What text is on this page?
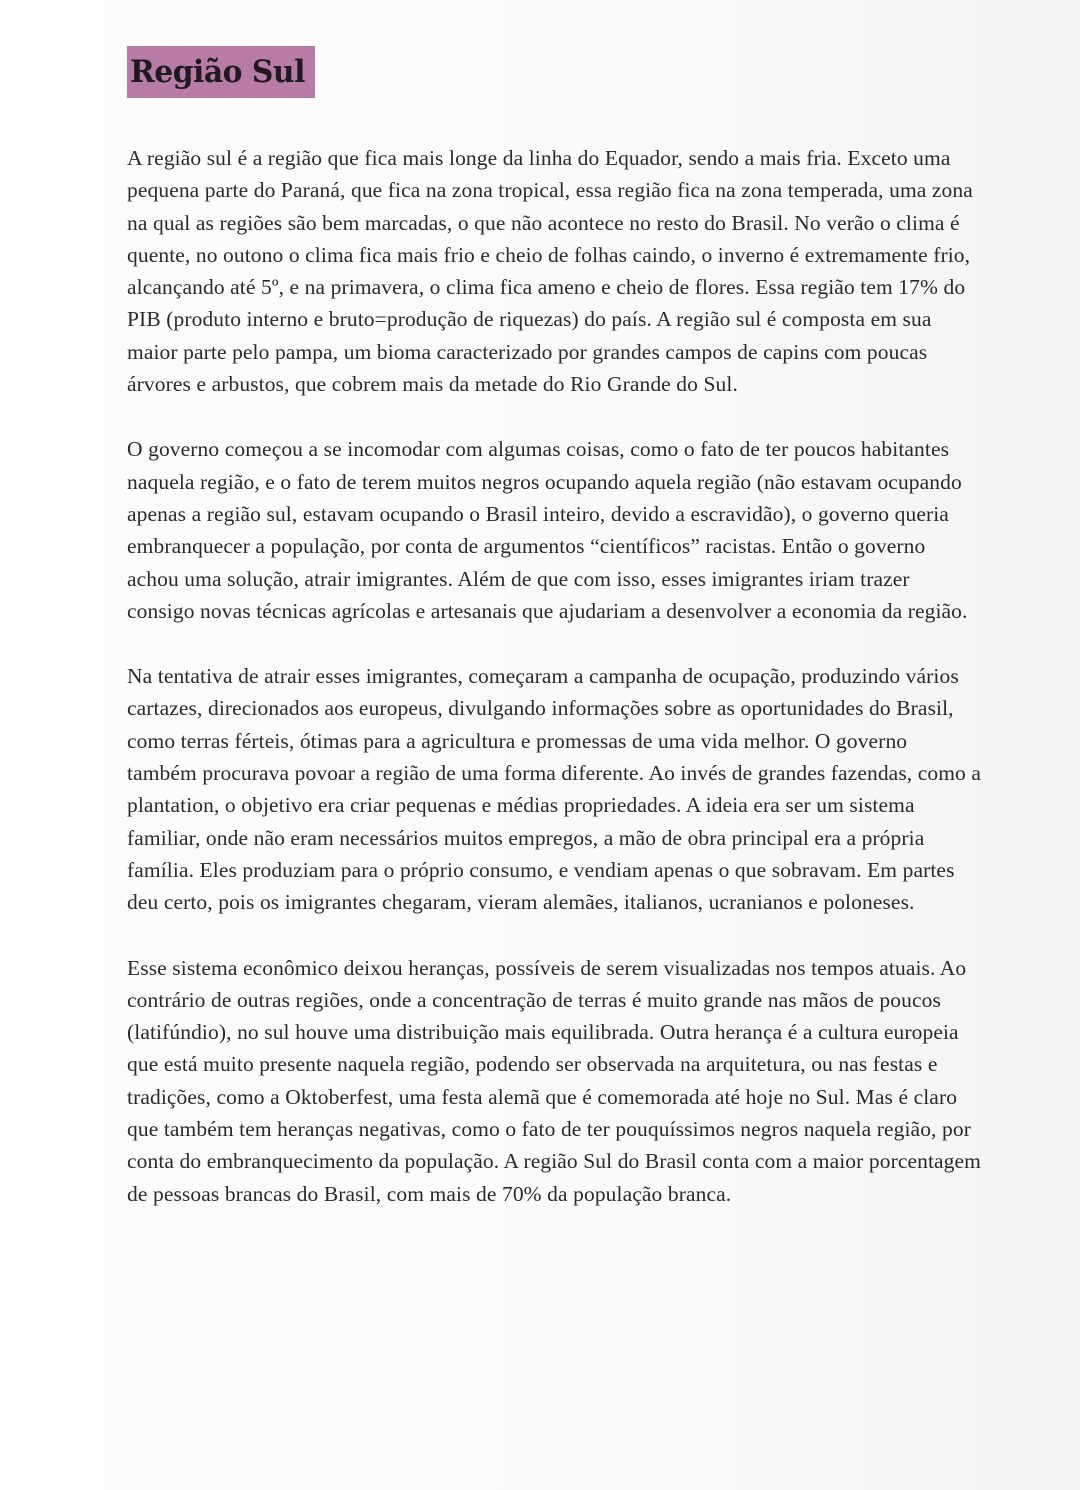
Região Sul

A região sul é a região que fica mais longe da linha do Equador, sendo a mais fria. Exceto uma pequena parte do Paraná, que fica na zona tropical, essa região fica na zona temperada, uma zona na qual as regiões são bem marcadas, o que não acontece no resto do Brasil. No verão o clima é quente, no outono o clima fica mais frio e cheio de folhas caindo, o inverno é extremamente frio, alcançando até 5º, e na primavera, o clima fica ameno e cheio de flores. Essa região tem 17% do PIB (produto interno e bruto=produção de riquezas) do país. A região sul é composta em sua maior parte pelo pampa, um bioma caracterizado por grandes campos de capins com poucas árvores e arbustos, que cobrem mais da metade do Rio Grande do Sul.

O governo começou a se incomodar com algumas coisas, como o fato de ter poucos habitantes naquela região, e o fato de terem muitos negros ocupando aquela região (não estavam ocupando apenas a região sul, estavam ocupando o Brasil inteiro, devido a escravidão), o governo queria embranquecer a população, por conta de argumentos “científicos” racistas. Então o governo achou uma solução, atrair imigrantes. Além de que com isso, esses imigrantes iriam trazer consigo novas técnicas agrícolas e artesanais que ajudariam a desenvolver a economia da região.

Na tentativa de atrair esses imigrantes, começaram a campanha de ocupação, produzindo vários cartazes, direcionados aos europeus, divulgando informações sobre as oportunidades do Brasil, como terras férteis, ótimas para a agricultura e promessas de uma vida melhor. O governo também procurava povoar a região de uma forma diferente. Ao invés de grandes fazendas, como a plantation, o objetivo era criar pequenas e médias propriedades. A ideia era ser um sistema familiar, onde não eram necessários muitos empregos, a mão de obra principal era a própria família. Eles produziam para o próprio consumo, e vendiam apenas o que sobravam. Em partes deu certo, pois os imigrantes chegaram, vieram alemães, italianos, ucranianos e poloneses.

Esse sistema econômico deixou heranças, possíveis de serem visualizadas nos tempos atuais. Ao contrário de outras regiões, onde a concentração de terras é muito grande nas mãos de poucos (latifúndio), no sul houve uma distribuição mais equilibrada. Outra herança é a cultura europeia que está muito presente naquela região, podendo ser observada na arquitetura, ou nas festas e tradições, como a Oktoberfest, uma festa alemã que é comemorada até hoje no Sul. Mas é claro que também tem heranças negativas, como o fato de ter pouquíssimos negros naquela região, por conta do embranquecimento da população. A região Sul do Brasil conta com a maior porcentagem de pessoas brancas do Brasil, com mais de 70% da população branca.
